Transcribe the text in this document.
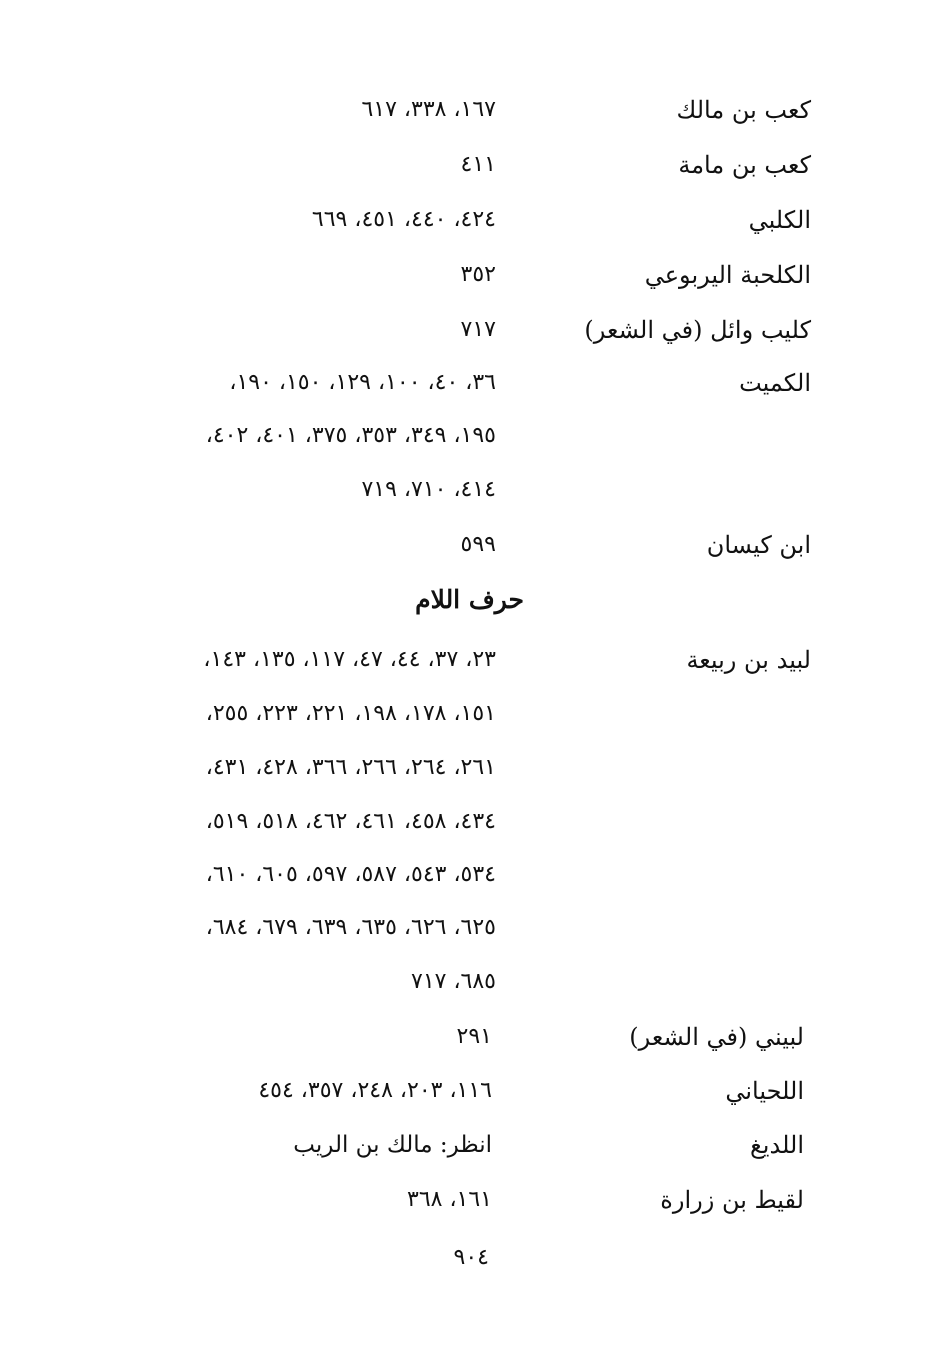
كعب بن مالك
١٦٧، ٣٣٨، ٦١٧
كعب بن مامة
٤١١
الكلبي
٤٢٤، ٤٤٠، ٤٥١، ٦٦٩
الكلحبة اليربوعي
٣٥٢
كليب وائل (في الشعر)
٧١٧
الكميت
٣٦، ٤٠، ١٠٠، ١٢٩، ١٥٠، ١٩٠،
١٩٥، ٣٤٩، ٣٥٣، ٣٧٥، ٤٠١، ٤٠٢،
٤١٤، ٧١٠، ٧١٩
ابن كيسان
٥٩٩
حرف اللام
لبيد بن ربيعة
٢٣، ٣٧، ٤٤، ٤٧، ١١٧، ١٣٥، ١٤٣،
١٥١، ١٧٨، ١٩٨، ٢٢١، ٢٢٣، ٢٥٥،
٢٦١، ٢٦٤، ٢٦٦، ٣٦٦، ٤٢٨، ٤٣١،
٤٣٤، ٤٥٨، ٤٦١، ٤٦٢، ٥١٨، ٥١٩،
٥٣٤، ٥٤٣، ٥٨٧، ٥٩٧، ٦٠٥، ٦١٠،
٦٢٥، ٦٢٦، ٦٣٥، ٦٣٩، ٦٧٩، ٦٨٤،
٦٨٥، ٧١٧
لبيني (في الشعر)
٢٩١
اللحياني
١١٦، ٢٠٣، ٢٤٨، ٣٥٧، ٤٥٤
اللديغ
انظر: مالك بن الريب
لقيط بن زرارة
١٦١، ٣٦٨
٩٠٤
